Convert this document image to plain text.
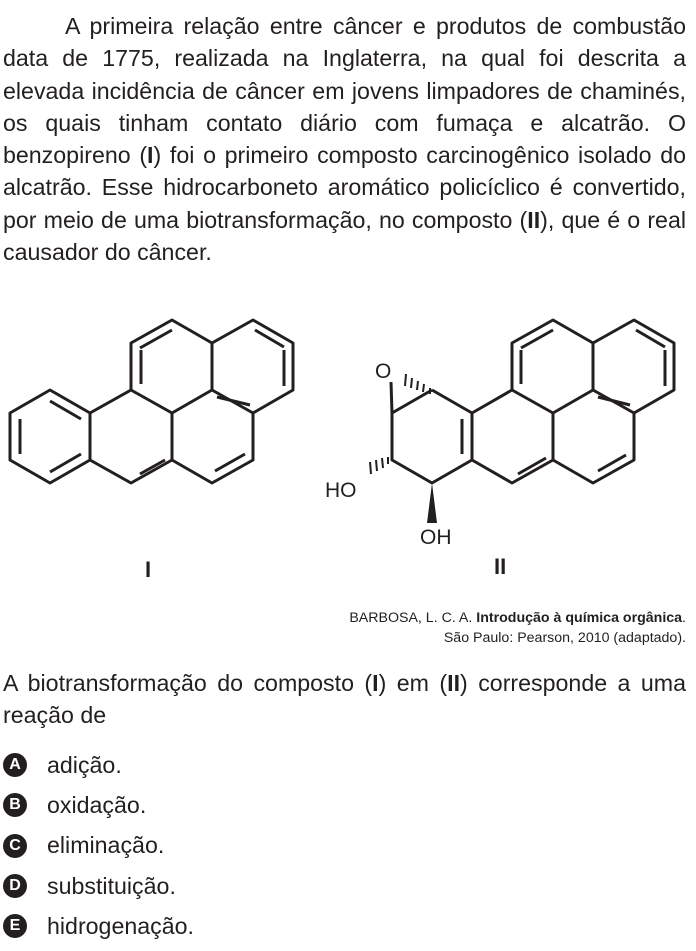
A primeira relação entre câncer e produtos de combustão data de 1775, realizada na Inglaterra, na qual foi descrita a elevada incidência de câncer em jovens limpadores de chaminés, os quais tinham contato diário com fumaça e alcatrão. O benzopireno (I) foi o primeiro composto carcinogênico isolado do alcatrão. Esse hidrocarboneto aromático policíclico é convertido, por meio de uma biotransformação, no composto (II), que é o real causador do câncer.

O
HO
OH
I	II
BARBOSA, L. C. A. Introdução à química orgânica.
São Paulo: Pearson, 2010 (adaptado).

A biotransformação do composto (I) em (II) corresponde a uma reação de

A adição.
B oxidação.
C eliminação.
D substituição.
E hidrogenação.
